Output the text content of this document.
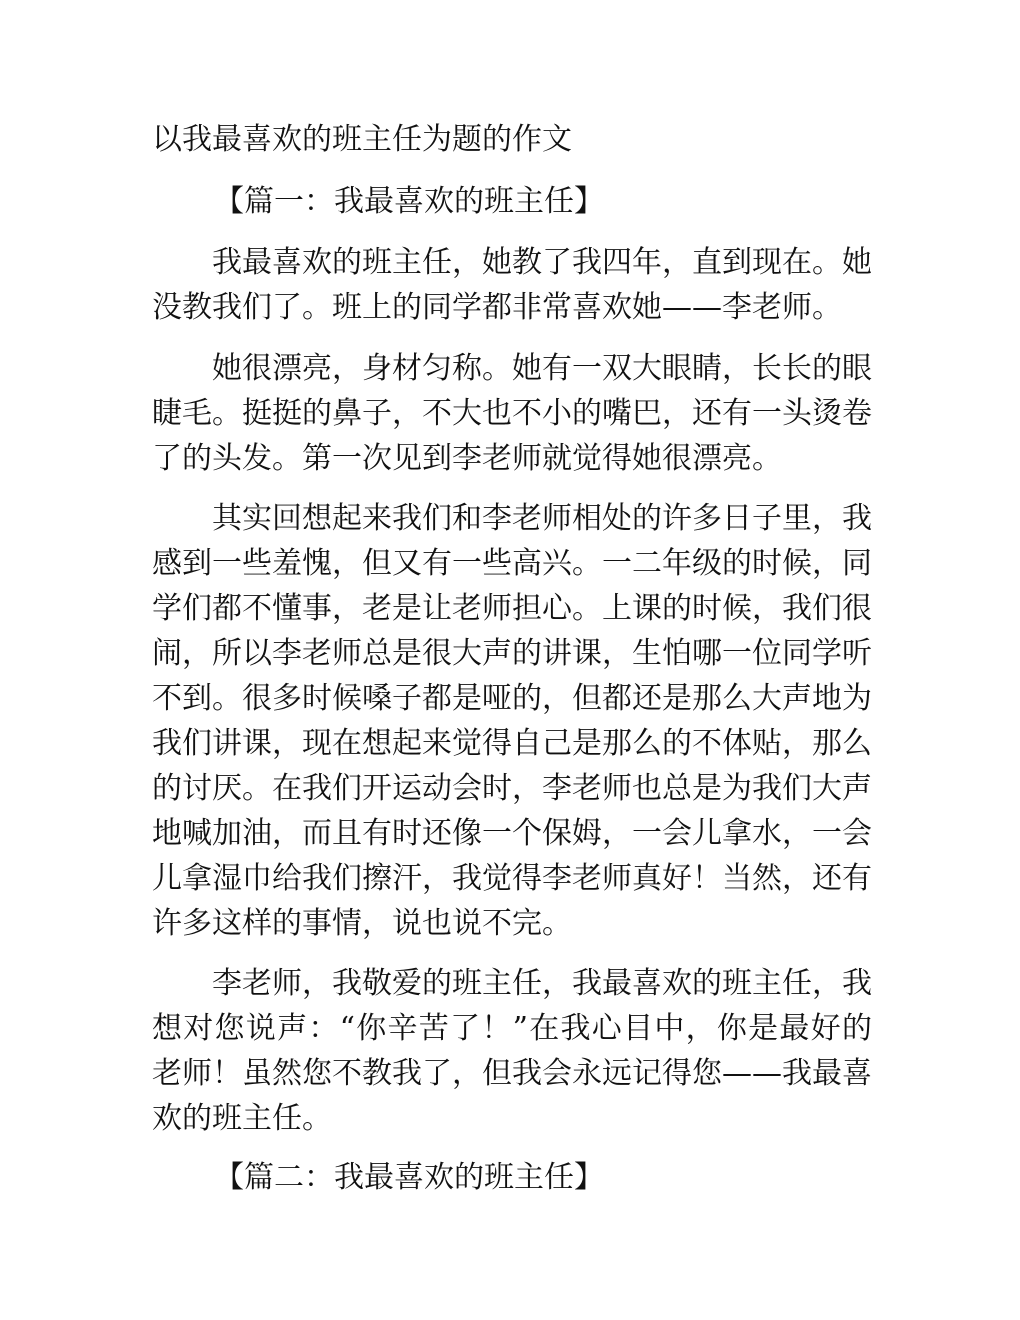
以我最喜欢的班主任为题的作文
【篇一：我最喜欢的班主任】

我最喜欢的班主任，她教了我四年，直到现在。她没教我们了。班上的同学都非常喜欢她——李老师。

她很漂亮，身材匀称。她有一双大眼睛，长长的眼睫毛。挺挺的鼻子，不大也不小的嘴巴，还有一头烫卷了的头发。第一次见到李老师就觉得她很漂亮。

其实回想起来我们和李老师相处的许多日子里，我感到一些羞愧，但又有一些高兴。一二年级的时候，同学们都不懂事，老是让老师担心。上课的时候，我们很闹，所以李老师总是很大声的讲课，生怕哪一位同学听不到。很多时候嗓子都是哑的，但都还是那么大声地为我们讲课，现在想起来觉得自己是那么的不体贴，那么的讨厌。在我们开运动会时，李老师也总是为我们大声地喊加油，而且有时还像一个保姆，一会儿拿水，一会儿拿湿巾给我们擦汗，我觉得李老师真好！当然，还有许多这样的事情，说也说不完。

李老师，我敬爱的班主任，我最喜欢的班主任，我想对您说声：“你辛苦了！”在我心目中，你是最好的老师！虽然您不教我了，但我会永远记得您——我最喜欢的班主任。

【篇二：我最喜欢的班主任】
